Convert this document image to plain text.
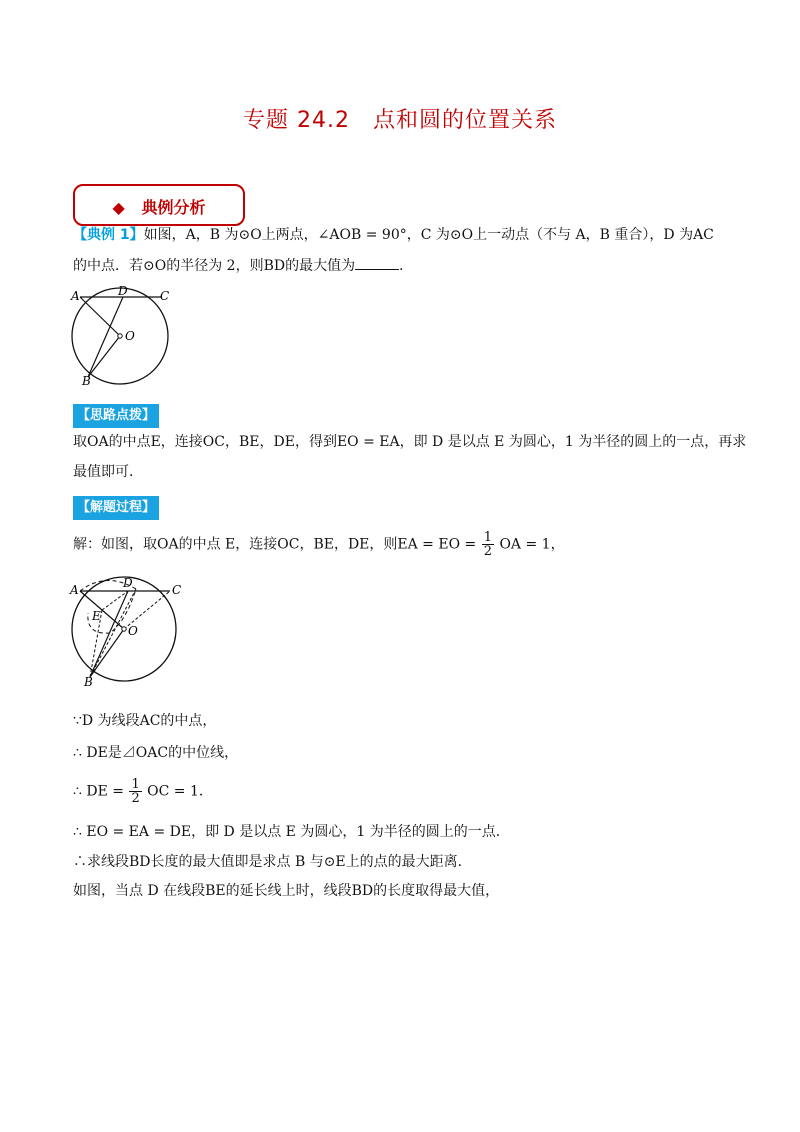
专题 24.2　点和圆的位置关系
◆ 典例分析
【典例 1】如图，A，B 为⊙O上两点，∠AOB = 90°，C 为⊙O上一动点（不与 A，B 重合），D 为AC
的中点．若⊙O的半径为 2，则BD的最大值为	．
A	D	C
O
B
【思路点拨】
取OA的中点E，连接OC，BE，DE，得到EO = EA，即 D 是以点 E 为圆心，1 为半径的圆上的一点，再求
最值即可．
【解题过程】
解：如图，取OA的中点 E，连接OC，BE，DE，则EA = EO = $\frac{1}{2}$ OA = 1，
A	D	C
E
O
B
∵D 为线段AC的中点，
∴ DE是⊿OAC的中位线，
∴ DE = $\frac{1}{2}$ OC = 1．
∴ EO = EA = DE，即 D 是以点 E 为圆心，1 为半径的圆上的一点．
∴求线段BD长度的最大值即是求点 B 与⊙E上的点的最大距离．
如图，当点 D 在线段BE的延长线上时，线段BD的长度取得最大值，
